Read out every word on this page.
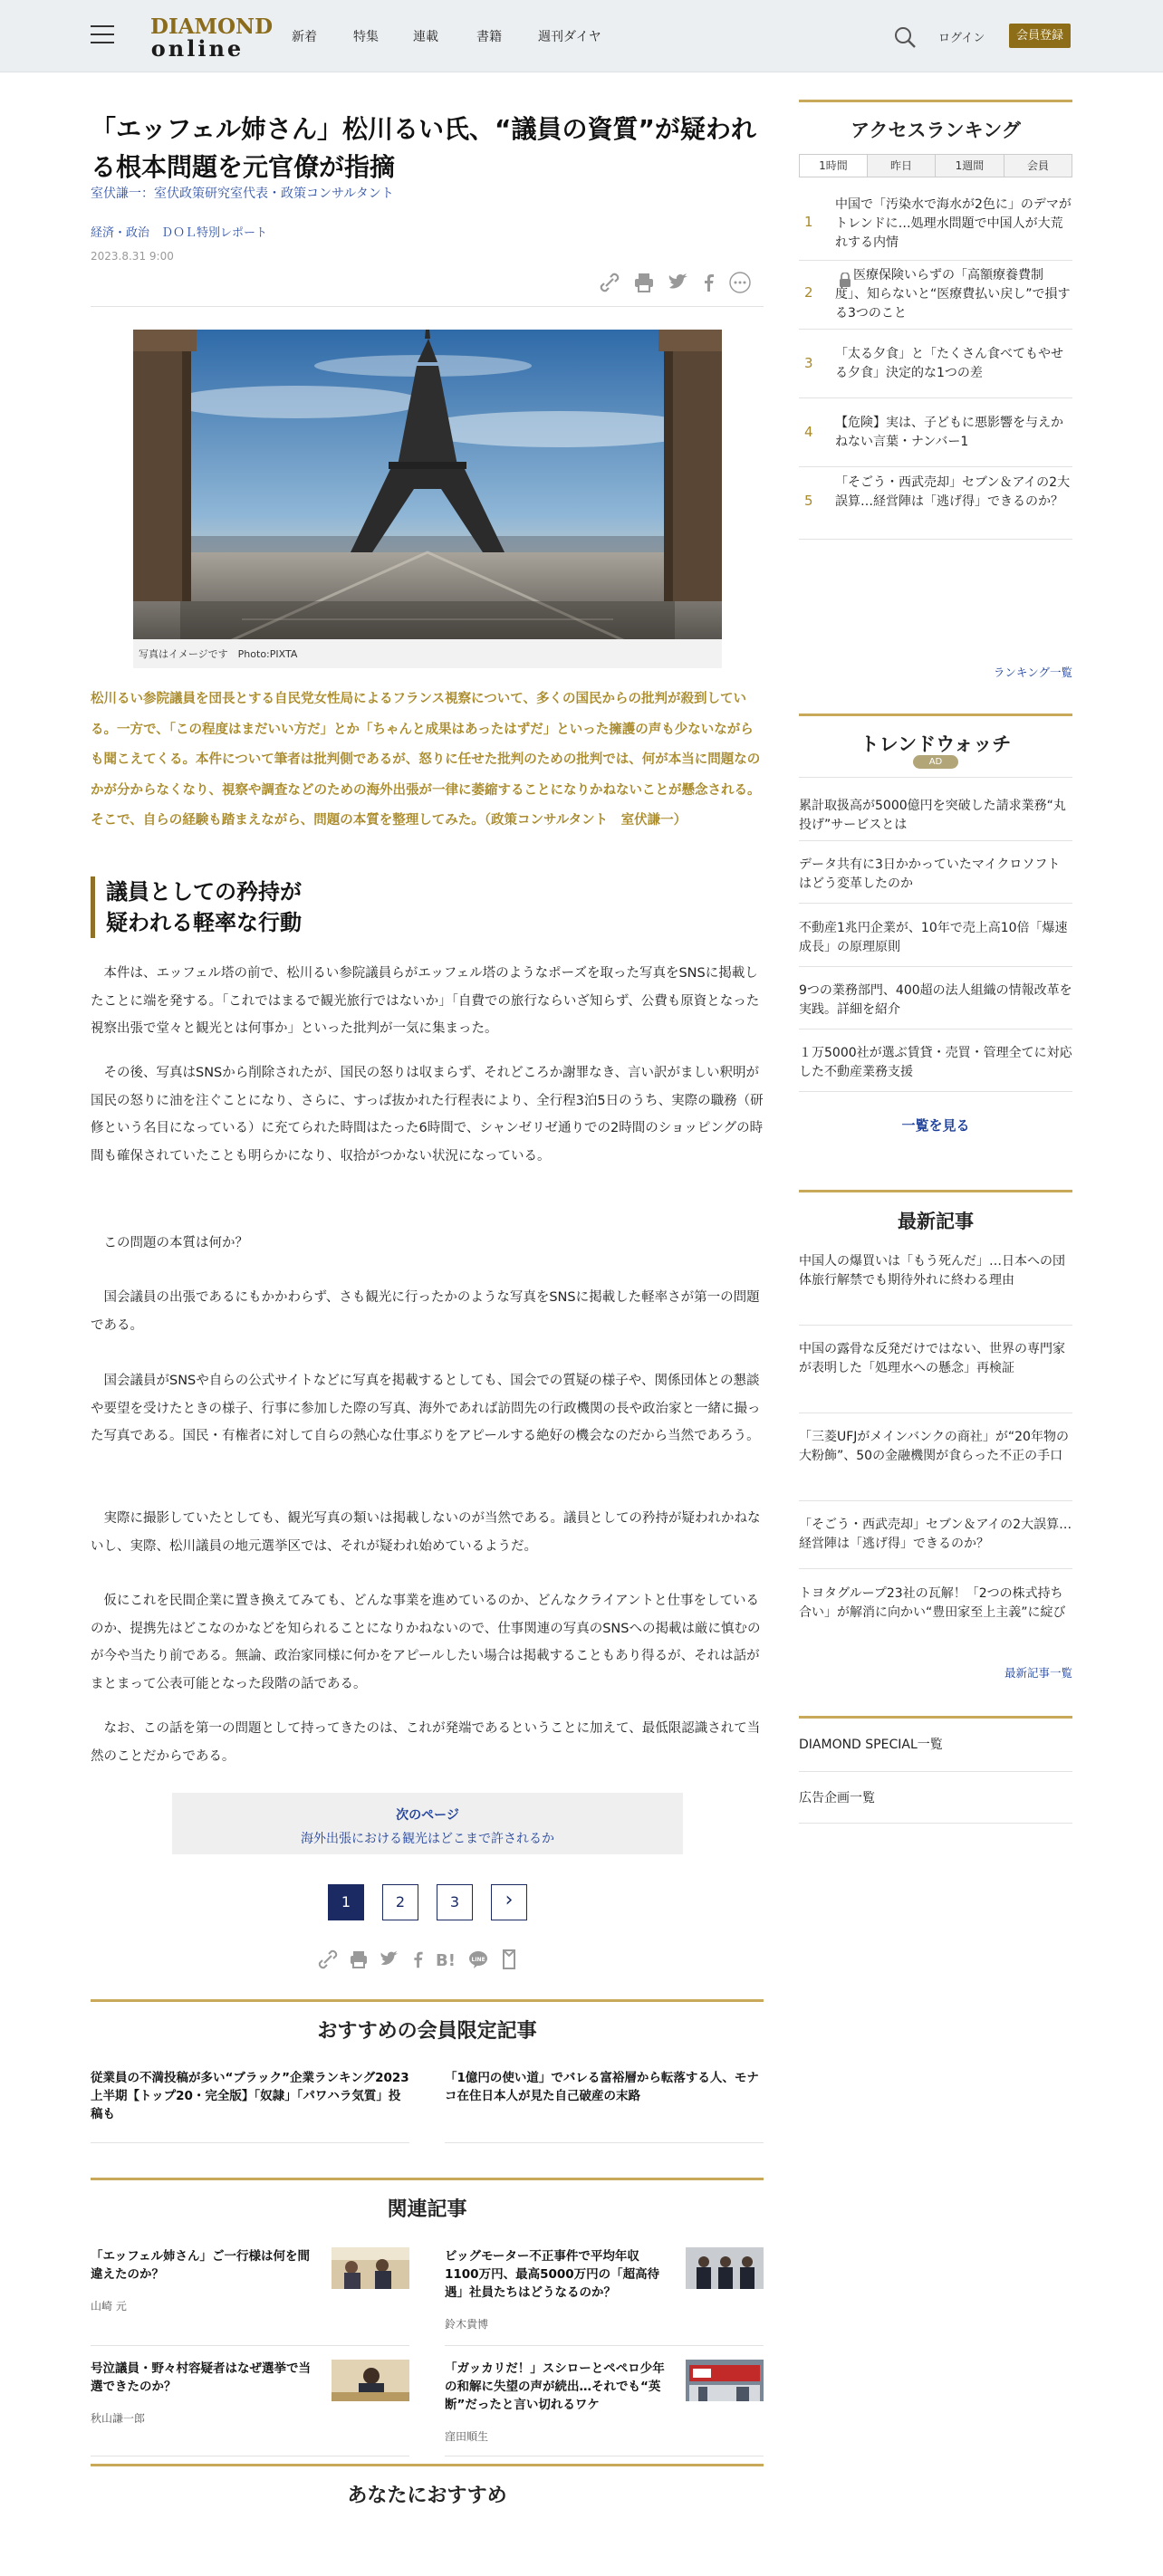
DIAMOND
online	新着	特集	連載	書籍	週刊ダイヤ	ログイン	会員登録
「エッフェル姉さん」松川るい氏、“議員の資質”が疑われる根本問題を元官僚が指摘
室伏謙一：室伏政策研究室代表・政策コンサルタント
経済・政治　ＤＯＬ特別レポート
2023.8.31 9:00
写真はイメージです　Photo:PIXTA

松川るい参院議員を団長とする自民党女性局によるフランス視察について、多くの国民からの批判が殺到している。一方で、「この程度はまだいい方だ」とか「ちゃんと成果はあったはずだ」といった擁護の声も少ないながらも聞こえてくる。本件について筆者は批判側であるが、怒りに任せた批判のための批判では、何が本当に問題なのかが分からなくなり、視察や調査などのための海外出張が一律に萎縮することになりかねないことが懸念される。そこで、自らの経験も踏まえながら、問題の本質を整理してみた。（政策コンサルタント　室伏謙一）

議員としての矜持が
疑われる軽率な行動

本件は、エッフェル塔の前で、松川るい参院議員らがエッフェル塔のようなポーズを取った写真をSNSに掲載したことに端を発する。「これではまるで観光旅行ではないか」「自費での旅行ならいざ知らず、公費も原資となった視察出張で堂々と観光とは何事か」といった批判が一気に集まった。

その後、写真はSNSから削除されたが、国民の怒りは収まらず、それどころか謝罪なき、言い訳がましい釈明が国民の怒りに油を注ぐことになり、さらに、すっぱ抜かれた行程表により、全行程3泊5日のうち、実際の職務（研修という名目になっている）に充てられた時間はたった6時間で、シャンゼリゼ通りでの2時間のショッピングの時間も確保されていたことも明らかになり、収拾がつかない状況になっている。

この問題の本質は何か？

国会議員の出張であるにもかかわらず、さも観光に行ったかのような写真をSNSに掲載した軽率さが第一の問題である。

国会議員がSNSや自らの公式サイトなどに写真を掲載するとしても、国会での質疑の様子や、関係団体との懇談や要望を受けたときの様子、行事に参加した際の写真、海外であれば訪問先の行政機関の長や政治家と一緒に撮った写真である。国民・有権者に対して自らの熱心な仕事ぶりをアピールする絶好の機会なのだから当然であろう。

実際に撮影していたとしても、観光写真の類いは掲載しないのが当然である。議員としての矜持が疑われかねないし、実際、松川議員の地元選挙区では、それが疑われ始めているようだ。

仮にこれを民間企業に置き換えてみても、どんな事業を進めているのか、どんなクライアントと仕事をしているのか、提携先はどこなのかなどを知られることになりかねないので、仕事関連の写真のSNSへの掲載は厳に慎むのが今や当たり前である。無論、政治家同様に何かをアピールしたい場合は掲載することもあり得るが、それは話がまとまって公表可能となった段階の話である。

なお、この話を第一の問題として持ってきたのは、これが発端であるということに加えて、最低限認識されて当然のことだからである。

次のページ
海外出張における観光はどこまで許されるか
1	2	3	›
B!	LINE
おすすめの会員限定記事
従業員の不満投稿が多い“ブラック”企業ランキング2023上半期【トップ20・完全版】「奴隷」「パワハラ気質」投稿も
「1億円の使い道」でバレる富裕層から転落する人、モナコ在住日本人が見た自己破産の末路
関連記事
「エッフェル姉さん」ご一行様は何を間違えたのか？
山崎 元
ビッグモーター不正事件で平均年収1100万円、最高5000万円の「超高待遇」社員たちはどうなるのか？
鈴木貴博
号泣議員・野々村容疑者はなぜ選挙で当選できたのか？
秋山謙一郎
「ガッカリだ！」スシローとペペロ少年の和解に失望の声が続出…それでも“英断”だったと言い切れるワケ
窪田順生
あなたにおすすめ
アクセスランキング
1時間	昨日	1週間	会員
1
中国で「汚染水で海水が2色に」のデマがトレンドに…処理水問題で中国人が大荒れする内情
2
医療保険いらずの「高額療養費制度」、知らないと“医療費払い戻し”で損する3つのこと
3
「太る夕食」と「たくさん食べてもやせる夕食」決定的な1つの差
4
【危険】実は、子どもに悪影響を与えかねない言葉・ナンバー1
5
「そごう・西武売却」セブン＆アイの2大誤算…経営陣は「逃げ得」できるのか？
ランキング一覧
トレンドウォッチ
AD
累計取扱高が5000億円を突破した請求業務“丸投げ”サービスとは
データ共有に3日かかっていたマイクロソフトはどう変革したのか
不動産1兆円企業が、10年で売上高10倍「爆速成長」の原理原則
9つの業務部門、400超の法人組織の情報改革を実践。詳細を紹介
１万5000社が選ぶ賃貸・売買・管理全てに対応した不動産業務支援
一覧を見る
最新記事
中国人の爆買いは「もう死んだ」…日本への団体旅行解禁でも期待外れに終わる理由
中国の露骨な反発だけではない、世界の専門家が表明した「処理水への懸念」再検証
「三菱UFJがメインバンクの商社」が“20年物の大粉飾”、50の金融機関が食らった不正の手口
「そごう・西武売却」セブン＆アイの2大誤算…経営陣は「逃げ得」できるのか？
トヨタグループ23社の瓦解！「2つの株式持ち合い」が解消に向かい“豊田家至上主義”に綻び
最新記事一覧
DIAMOND SPECIAL一覧
広告企画一覧
